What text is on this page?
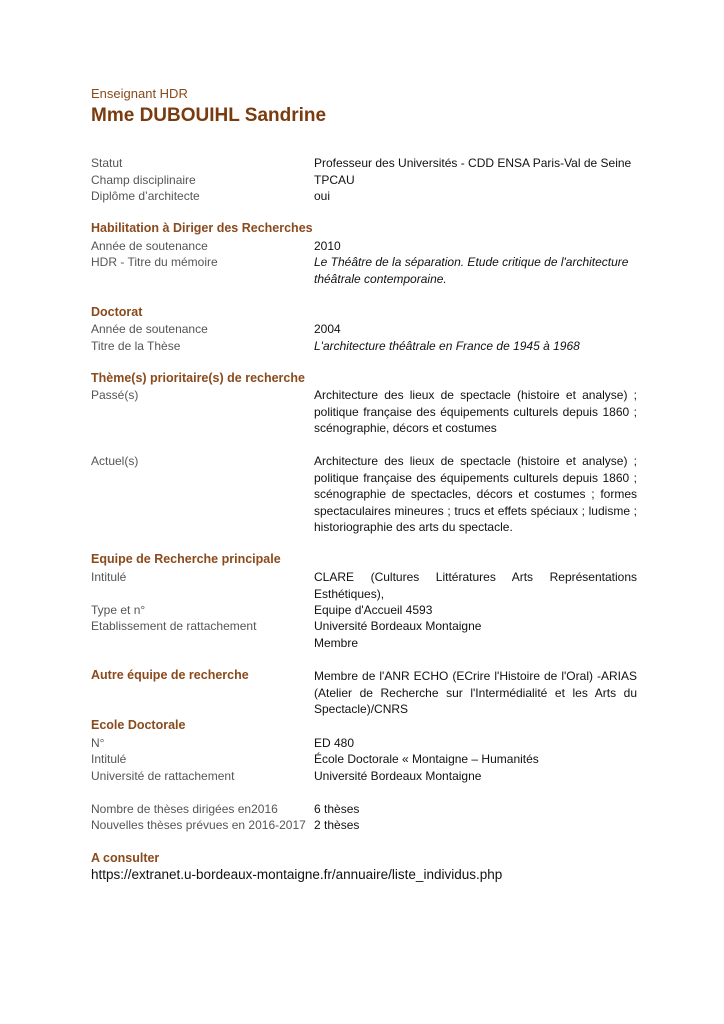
Enseignant HDR
Mme DUBOUIHL Sandrine
Statut	Professeur des Universités - CDD ENSA Paris-Val de Seine
Champ disciplinaire	TPCAU
Diplôme d’architecte	oui
Habilitation à Diriger des Recherches
Année de soutenance	2010
HDR - Titre du mémoire	Le Théâtre de la séparation. Etude critique de l'architecture théâtrale contemporaine.
Doctorat
Année de soutenance	2004
Titre de la Thèse	L'architecture théâtrale en France de 1945 à 1968
Thème(s) prioritaire(s) de recherche
Passé(s)	Architecture des lieux de spectacle (histoire et analyse) ; politique française des équipements culturels depuis 1860 ; scénographie, décors et costumes
Actuel(s)	Architecture des lieux de spectacle (histoire et analyse) ; politique française des équipements culturels depuis 1860 ; scénographie de spectacles, décors et costumes ; formes spectaculaires mineures ; trucs et effets spéciaux ; ludisme ; historiographie des arts du spectacle.
Equipe de Recherche principale
Intitulé	CLARE (Cultures Littératures Arts Représentations Esthétiques),
Type et n°	Equipe d'Accueil 4593
Etablissement de rattachement	Université Bordeaux Montaigne
Membre
Autre équipe de recherche	Membre de l'ANR ECHO (ECrire l'Histoire de l'Oral) -ARIAS (Atelier de Recherche sur l'Intermédialité et les Arts du Spectacle)/CNRS
Ecole Doctorale
N°	ED 480
Intitulé	École Doctorale « Montaigne – Humanités
Université de rattachement	Université Bordeaux Montaigne
Nombre de thèses dirigées en2016	6 thèses
Nouvelles thèses prévues en 2016-2017 2 thèses
A consulter
https://extranet.u-bordeaux-montaigne.fr/annuaire/liste_individus.php
